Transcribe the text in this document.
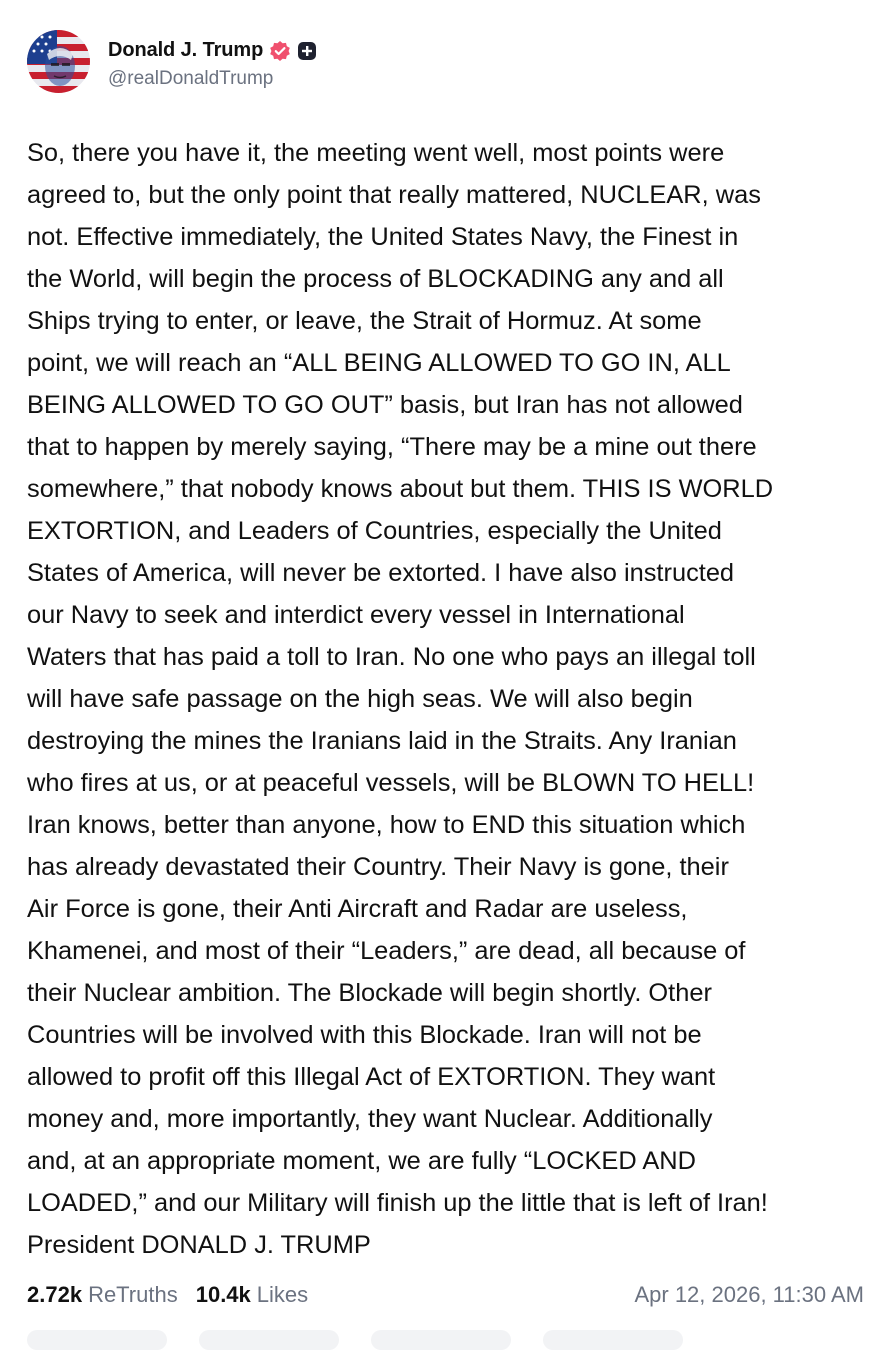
Donald J. Trump
@realDonaldTrump
So, there you have it, the meeting went well, most points were
agreed to, but the only point that really mattered, NUCLEAR, was
not. Effective immediately, the United States Navy, the Finest in
the World, will begin the process of BLOCKADING any and all
Ships trying to enter, or leave, the Strait of Hormuz. At some
point, we will reach an “ALL BEING ALLOWED TO GO IN, ALL
BEING ALLOWED TO GO OUT” basis, but Iran has not allowed
that to happen by merely saying, “There may be a mine out there
somewhere,” that nobody knows about but them. THIS IS WORLD
EXTORTION, and Leaders of Countries, especially the United
States of America, will never be extorted. I have also instructed
our Navy to seek and interdict every vessel in International
Waters that has paid a toll to Iran. No one who pays an illegal toll
will have safe passage on the high seas. We will also begin
destroying the mines the Iranians laid in the Straits. Any Iranian
who fires at us, or at peaceful vessels, will be BLOWN TO HELL!
Iran knows, better than anyone, how to END this situation which
has already devastated their Country. Their Navy is gone, their
Air Force is gone, their Anti Aircraft and Radar are useless,
Khamenei, and most of their “Leaders,” are dead, all because of
their Nuclear ambition. The Blockade will begin shortly. Other
Countries will be involved with this Blockade. Iran will not be
allowed to profit off this Illegal Act of EXTORTION. They want
money and, more importantly, they want Nuclear. Additionally
and, at an appropriate moment, we are fully “LOCKED AND
LOADED,” and our Military will finish up the little that is left of Iran!
President DONALD J. TRUMP
2.72k ReTruths 10.4k Likes	Apr 12, 2026, 11:30 AM
